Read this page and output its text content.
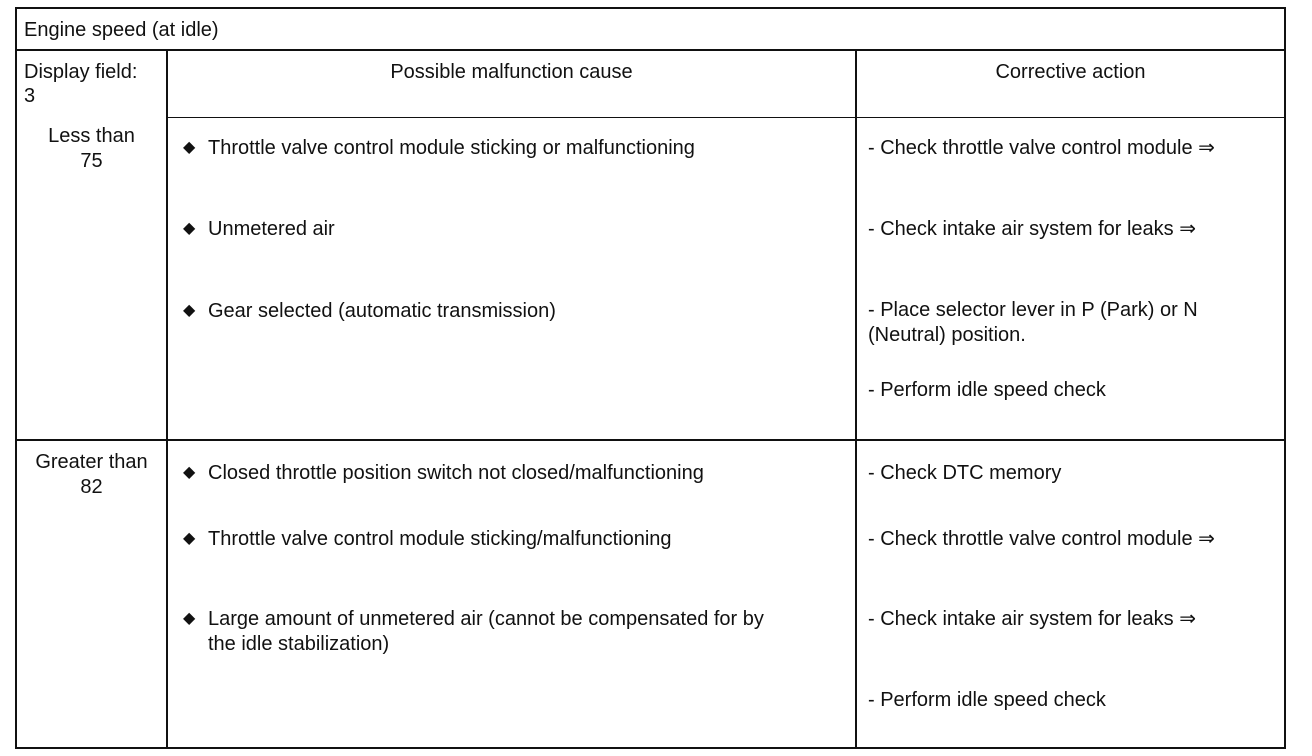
Engine speed (at idle)
Display field:
3
Possible malfunction cause	Corrective action
Less than
75
◆ Throttle valve control module sticking or malfunctioning
◆ Unmetered air
◆ Gear selected (automatic transmission)
- Check throttle valve control module ⇒
- Check intake air system for leaks ⇒
- Place selector lever in P (Park) or N
(Neutral) position.
- Perform idle speed check
Greater than
82
◆ Closed throttle position switch not closed/malfunctioning
◆ Throttle valve control module sticking/malfunctioning
◆ Large amount of unmetered air (cannot be compensated for by
the idle stabilization)
- Check DTC memory
- Check throttle valve control module ⇒
- Check intake air system for leaks ⇒
- Perform idle speed check
